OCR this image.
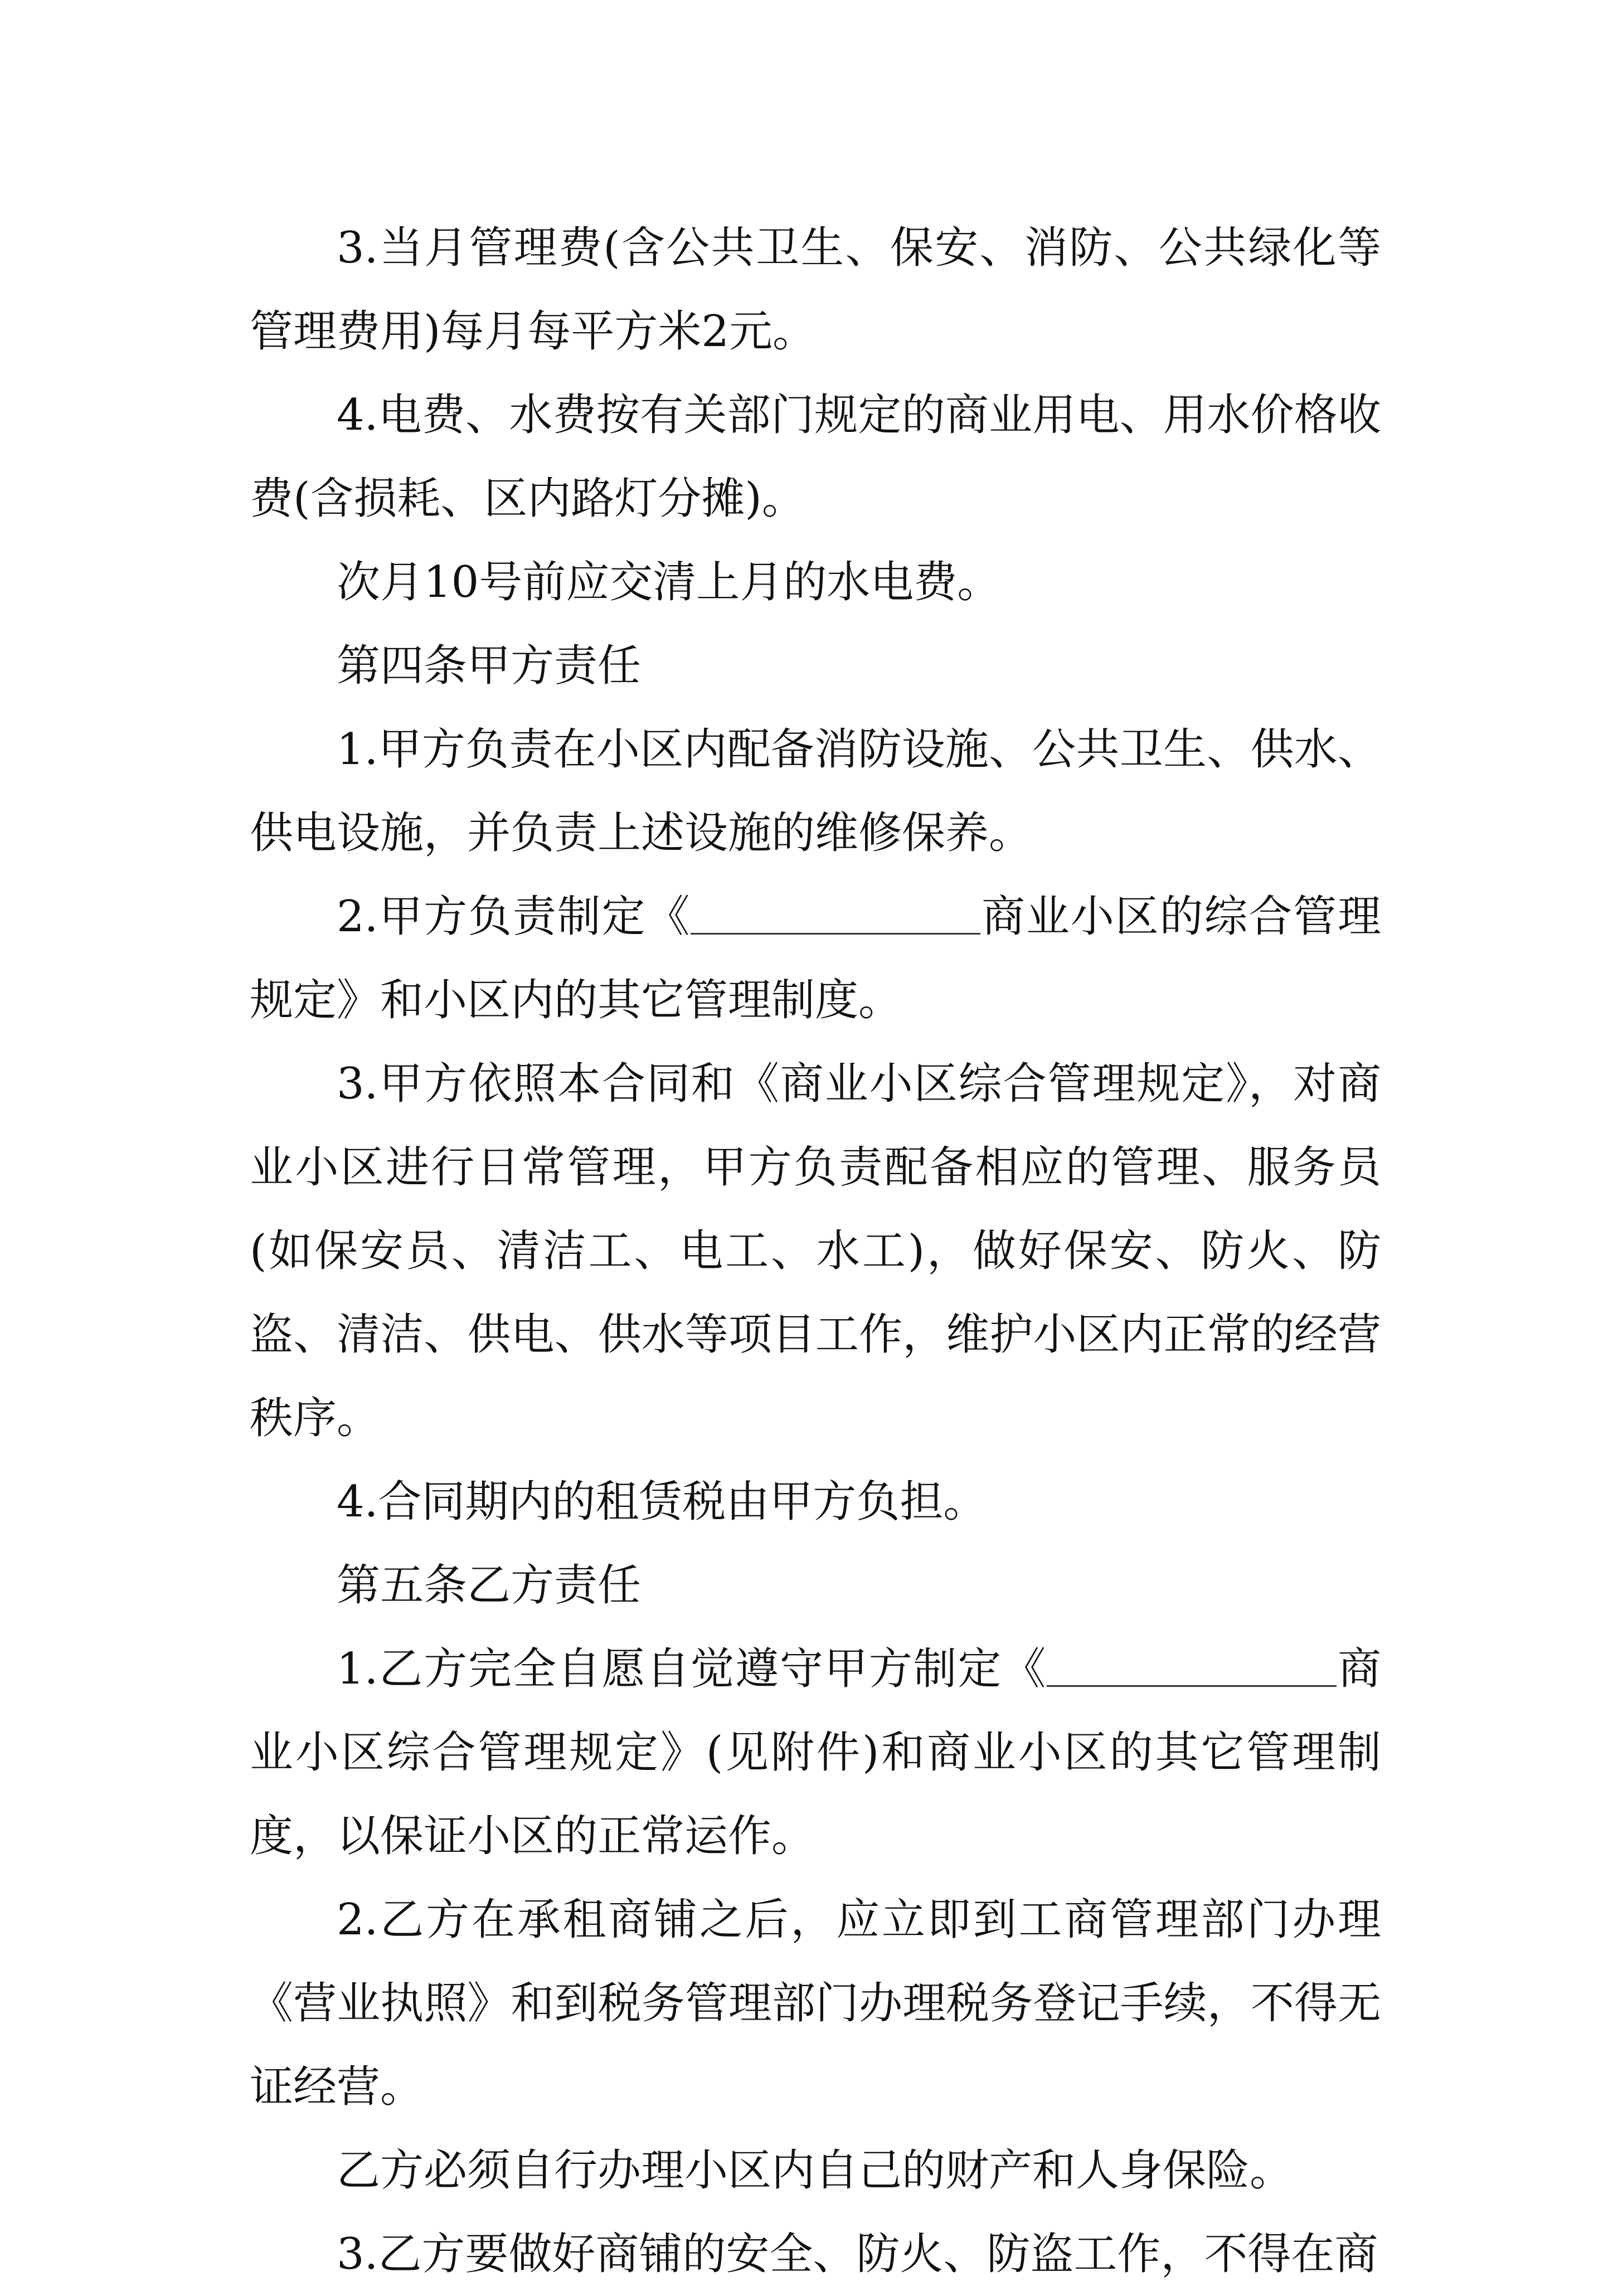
3.当月管理费(含公共卫生、保安、消防、公共绿化等管理费用)每月每平方米2元。

4.电费、水费按有关部门规定的商业用电、用水价格收费(含损耗、区内路灯分摊)。

次月10号前应交清上月的水电费。

第四条甲方责任

1.甲方负责在小区内配备消防设施、公共卫生、供水、供电设施，并负责上述设施的维修保养。

2.甲方负责制定《	商业小区的综合管理规定》和小区内的其它管理制度。

3.甲方依照本合同和《商业小区综合管理规定》，对商业小区进行日常管理，甲方负责配备相应的管理、服务员(如保安员、清洁工、电工、水工)，做好保安、防火、防盗、清洁、供电、供水等项目工作，维护小区内正常的经营秩序。

4.合同期内的租赁税由甲方负担。

第五条乙方责任

1.乙方完全自愿自觉遵守甲方制定《	商业小区综合管理规定》(见附件)和商业小区的其它管理制度，以保证小区的正常运作。

2.乙方在承租商铺之后，应立即到工商管理部门办理《营业执照》和到税务管理部门办理税务登记手续，不得无证经营。

乙方必须自行办理小区内自己的财产和人身保险。

3.乙方要做好商铺的安全、防火、防盗工作，不得在商
